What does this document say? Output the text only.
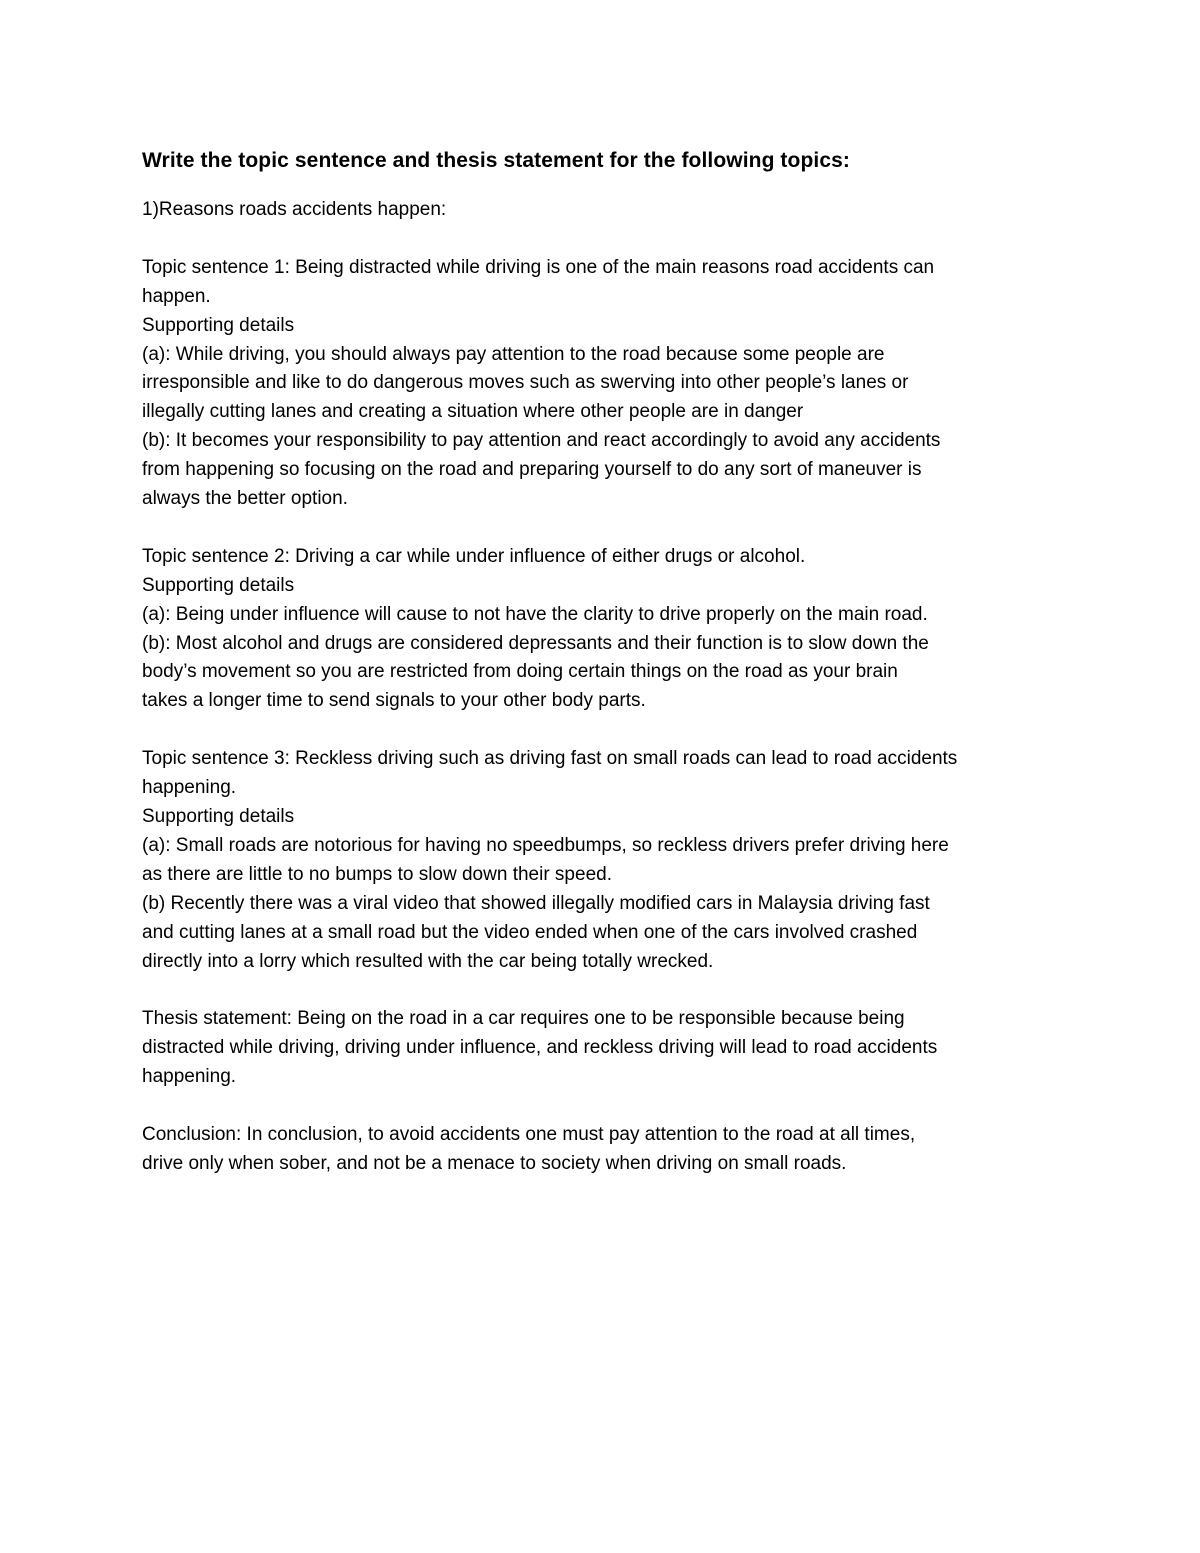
Write the topic sentence and thesis statement for the following topics:
1)Reasons roads accidents happen:
Topic sentence 1: Being distracted while driving is one of the main reasons road accidents can
happen.
Supporting details
(a): While driving, you should always pay attention to the road because some people are
irresponsible and like to do dangerous moves such as swerving into other people’s lanes or
illegally cutting lanes and creating a situation where other people are in danger
(b): It becomes your responsibility to pay attention and react accordingly to avoid any accidents
from happening so focusing on the road and preparing yourself to do any sort of maneuver is
always the better option.
Topic sentence 2: Driving a car while under influence of either drugs or alcohol.
Supporting details
(a): Being under influence will cause to not have the clarity to drive properly on the main road.
(b): Most alcohol and drugs are considered depressants and their function is to slow down the
body’s movement so you are restricted from doing certain things on the road as your brain
takes a longer time to send signals to your other body parts.
Topic sentence 3: Reckless driving such as driving fast on small roads can lead to road accidents
happening.
Supporting details
(a): Small roads are notorious for having no speedbumps, so reckless drivers prefer driving here
as there are little to no bumps to slow down their speed.
(b) Recently there was a viral video that showed illegally modified cars in Malaysia driving fast
and cutting lanes at a small road but the video ended when one of the cars involved crashed
directly into a lorry which resulted with the car being totally wrecked.
Thesis statement: Being on the road in a car requires one to be responsible because being
distracted while driving, driving under influence, and reckless driving will lead to road accidents
happening.
Conclusion: In conclusion, to avoid accidents one must pay attention to the road at all times,
drive only when sober, and not be a menace to society when driving on small roads.
